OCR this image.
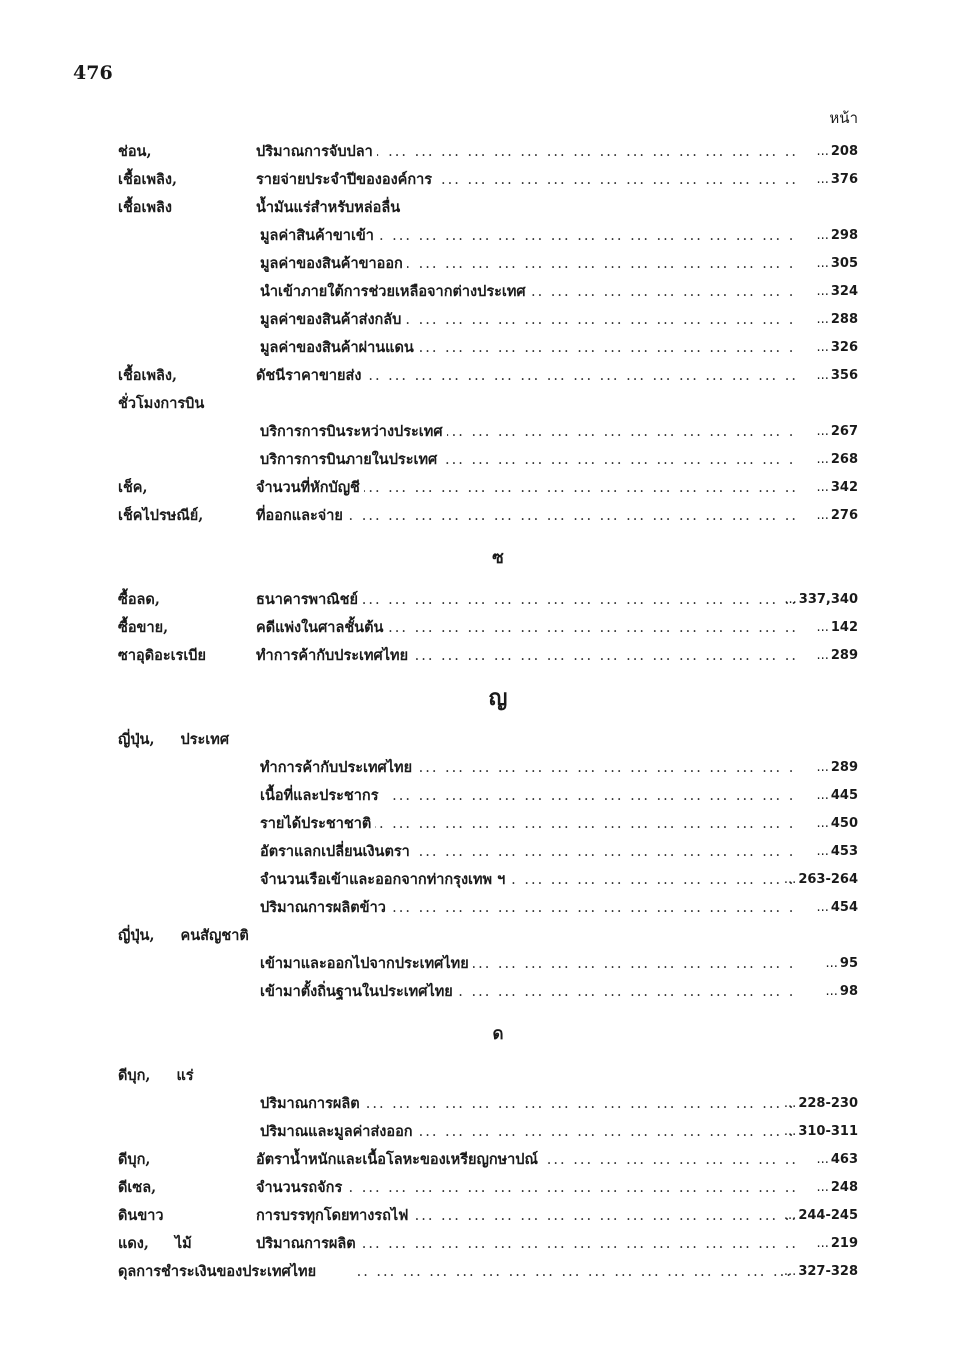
476
หน้า
ช่อน,	ปริมาณการจับปลา ... .	... 208
เชื้อเพลิง,	รายจ่ายประจำปีขององค์การ ... .	... 376
เชื้อเพลิง	น้ำมันแร่สำหรับหล่อลื่น
มูลค่าสินค้าขาเข้า ... .	... 298
มูลค่าของสินค้าขาออก ... .	... 305
นำเข้าภายใต้การช่วยเหลือจากต่างประเทศ ... .	... 324
มูลค่าของสินค้าส่งกลับ ... .	... 288
มูลค่าของสินค้าผ่านแดน ... .	... 326
เชื้อเพลิง,	ดัชนีราคาขายส่ง ... .	... 356
ชั่วโมงการบิน
บริการการบินระหว่างประเทศ ... .	... 267
บริการการบินภายในประเทศ ... .	... 268
เช็ค,	จำนวนที่หักบัญชี ... .	... 342
เช็คไปรษณีย์,	ที่ออกและจ่าย ... .	... 276
ซ
ซื้อลด,	ธนาคารพาณิชย์ ... .	... 337,340
ซื้อขาย,	คดีแพ่งในศาลชั้นต้น ... .	... 142
ซาอุดิอะเรเบีย	ทำการค้ากับประเทศไทย ... .	... 289
ญ
ญี่ปุ่น, ประเทศ
ทำการค้ากับประเทศไทย ... .	... 289
เนื้อที่และประชากร ... .	... 445
รายได้ประชาชาติ ... .	... 450
อัตราแลกเปลี่ยนเงินตรา ... .	... 453
จำนวนเรือเข้าและออกจากท่ากรุงเทพ ฯ ... .	... 263-264
ปริมาณการผลิตข้าว ... .	... 454
ญี่ปุ่น, คนสัญชาติ
เข้ามาและออกไปจากประเทศไทย ... .	... 95
เข้ามาตั้งถิ่นฐานในประเทศไทย ... .	... 98
ด
ดีบุก, แร่
ปริมาณการผลิต ... .	... 228-230
ปริมาณและมูลค่าส่งออก ... .	... 310-311
ดีบุก,	อัตราน้ำหนักและเนื้อโลหะของเหรียญกษาปณ์ ... .	... 463
ดีเซล,	จำนวนรถจักร ... .	... 248
ดินขาว	การบรรทุกโดยทางรถไฟ ... .	... 244-245
แดง, ไม้	ปริมาณการผลิต ... .	... 219
ดุลการชำระเงินของประเทศไทย ... .	... 327-328
